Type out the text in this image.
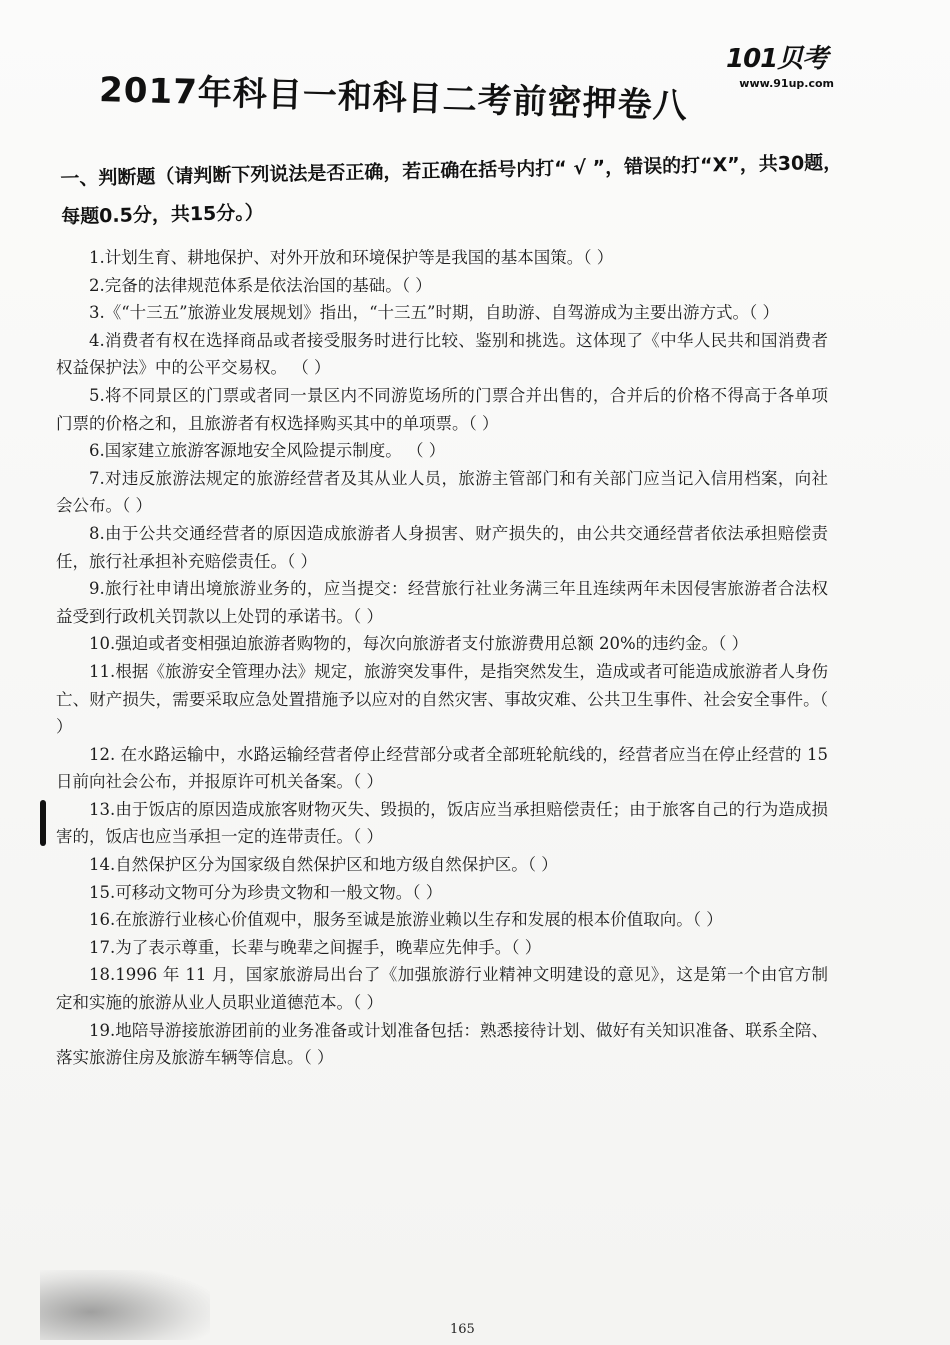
101贝考
www.91up.com
2017年科目一和科目二考前密押卷八
一、判断题（请判断下列说法是否正确，若正确在括号内打“ √ ”，错误的打“X”，共30题，每题0.5分，共15分。）

1.计划生育、耕地保护、对外开放和环境保护等是我国的基本国策。（ ）

2.完备的法律规范体系是依法治国的基础。（ ）

3.《“十三五”旅游业发展规划》指出，“十三五”时期，自助游、自驾游成为主要出游方式。（ ）

4.消费者有权在选择商品或者接受服务时进行比较、鉴别和挑选。这体现了《中华人民共和国消费者权益保护法》中的公平交易权。 （ ）

5.将不同景区的门票或者同一景区内不同游览场所的门票合并出售的，合并后的价格不得高于各单项门票的价格之和，且旅游者有权选择购买其中的单项票。（ ）

6.国家建立旅游客源地安全风险提示制度。 （ ）

7.对违反旅游法规定的旅游经营者及其从业人员，旅游主管部门和有关部门应当记入信用档案，向社会公布。（ ）

8.由于公共交通经营者的原因造成旅游者人身损害、财产损失的，由公共交通经营者依法承担赔偿责任，旅行社承担补充赔偿责任。（ ）

9.旅行社申请出境旅游业务的，应当提交：经营旅行社业务满三年且连续两年未因侵害旅游者合法权益受到行政机关罚款以上处罚的承诺书。（ ）

10.强迫或者变相强迫旅游者购物的，每次向旅游者支付旅游费用总额 20%的违约金。（ ）

11.根据《旅游安全管理办法》规定，旅游突发事件，是指突然发生，造成或者可能造成旅游者人身伤亡、财产损失，需要采取应急处置措施予以应对的自然灾害、事故灾难、公共卫生事件、社会安全事件。（ ）

12. 在水路运输中，水路运输经营者停止经营部分或者全部班轮航线的，经营者应当在停止经营的 15 日前向社会公布，并报原许可机关备案。（ ）

13.由于饭店的原因造成旅客财物灭失、毁损的，饭店应当承担赔偿责任；由于旅客自己的行为造成损害的，饭店也应当承担一定的连带责任。（ ）

14.自然保护区分为国家级自然保护区和地方级自然保护区。（ ）

15.可移动文物可分为珍贵文物和一般文物。（ ）

16.在旅游行业核心价值观中，服务至诚是旅游业赖以生存和发展的根本价值取向。（ ）

17.为了表示尊重，长辈与晚辈之间握手，晚辈应先伸手。（ ）

18.1996 年 11 月，国家旅游局出台了《加强旅游行业精神文明建设的意见》，这是第一个由官方制定和实施的旅游从业人员职业道德范本。（ ）

19.地陪导游接旅游团前的业务准备或计划准备包括：熟悉接待计划、做好有关知识准备、联系全陪、落实旅游住房及旅游车辆等信息。（ ）

165
